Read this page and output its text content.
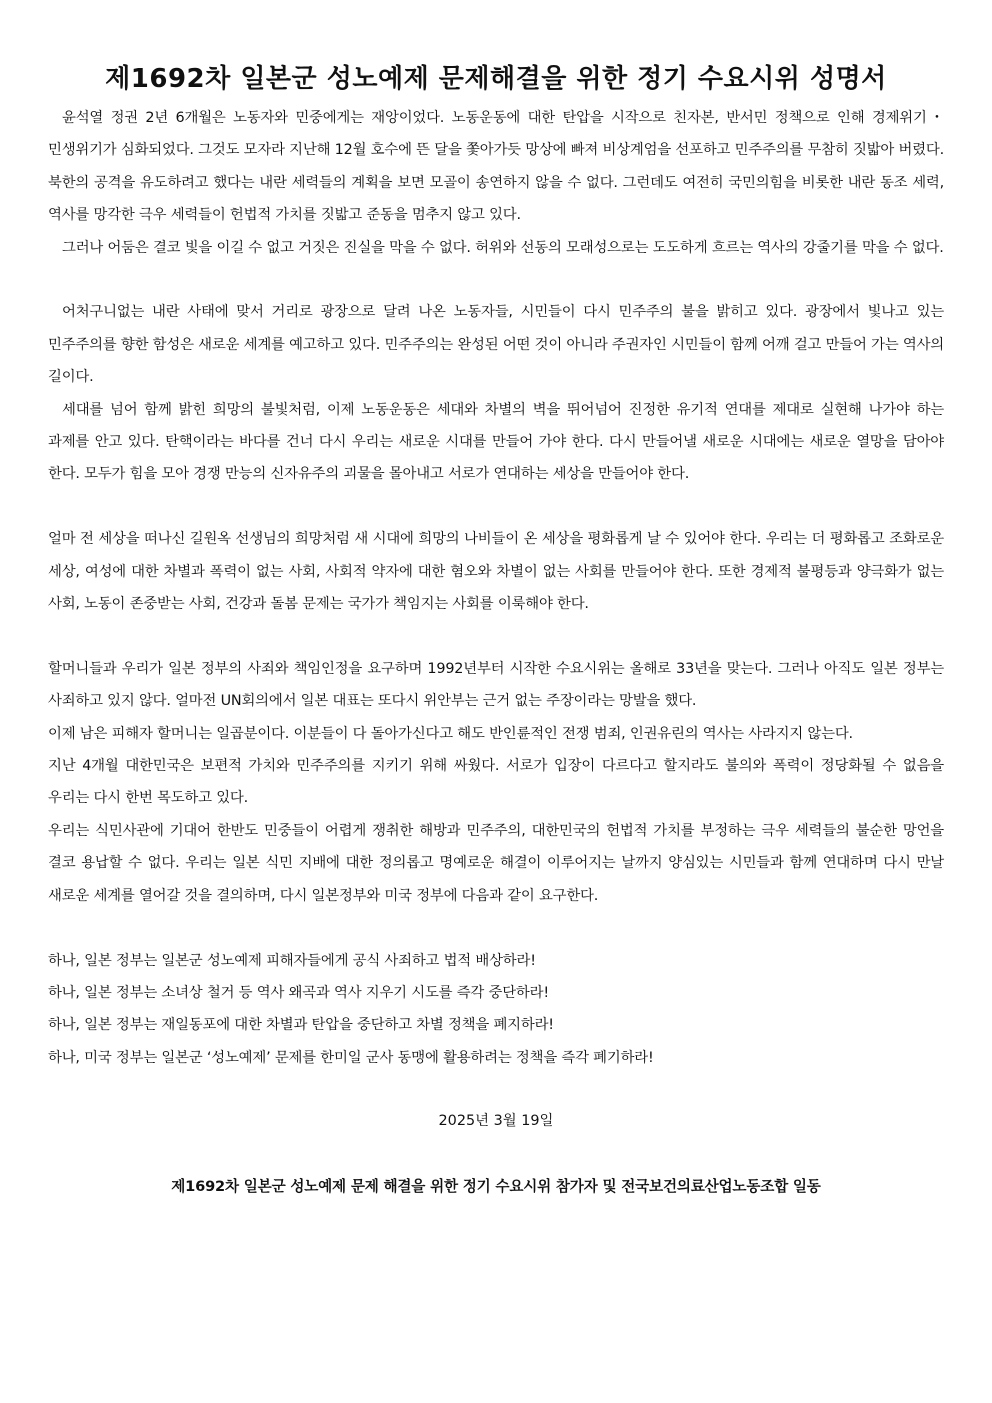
제1692차 일본군 성노예제 문제해결을 위한 정기 수요시위 성명서

윤석열 정권 2년 6개월은 노동자와 민중에게는 재앙이었다. 노동운동에 대한 탄압을 시작으로 친자본, 반서민 정책으로 인해 경제위기・민생위기가 심화되었다. 그것도 모자라 지난해 12월 호수에 뜬 달을 쫓아가듯 망상에 빠져 비상계엄을 선포하고 민주주의를 무참히 짓밟아 버렸다. 북한의 공격을 유도하려고 했다는 내란 세력들의 계획을 보면 모골이 송연하지 않을 수 없다. 그런데도 여전히 국민의힘을 비롯한 내란 동조 세력, 역사를 망각한 극우 세력들이 헌법적 가치를 짓밟고 준동을 멈추지 않고 있다.

그러나 어둠은 결코 빛을 이길 수 없고 거짓은 진실을 막을 수 없다. 허위와 선동의 모래성으로는 도도하게 흐르는 역사의 강줄기를 막을 수 없다.

어처구니없는 내란 사태에 맞서 거리로 광장으로 달려 나온 노동자들, 시민들이 다시 민주주의 불을 밝히고 있다. 광장에서 빛나고 있는 민주주의를 향한 함성은 새로운 세계를 예고하고 있다. 민주주의는 완성된 어떤 것이 아니라 주권자인 시민들이 함께 어깨 걸고 만들어 가는 역사의 길이다.

세대를 넘어 함께 밝힌 희망의 불빛처럼, 이제 노동운동은 세대와 차별의 벽을 뛰어넘어 진정한 유기적 연대를 제대로 실현해 나가야 하는 과제를 안고 있다. 탄핵이라는 바다를 건너 다시 우리는 새로운 시대를 만들어 가야 한다. 다시 만들어낼 새로운 시대에는 새로운 열망을 담아야 한다. 모두가 힘을 모아 경쟁 만능의 신자유주의 괴물을 몰아내고 서로가 연대하는 세상을 만들어야 한다.

얼마 전 세상을 떠나신 길원옥 선생님의 희망처럼 새 시대에 희망의 나비들이 온 세상을 평화롭게 날 수 있어야 한다. 우리는 더 평화롭고 조화로운 세상, 여성에 대한 차별과 폭력이 없는 사회, 사회적 약자에 대한 혐오와 차별이 없는 사회를 만들어야 한다. 또한 경제적 불평등과 양극화가 없는 사회, 노동이 존중받는 사회, 건강과 돌봄 문제는 국가가 책임지는 사회를 이룩해야 한다.

할머니들과 우리가 일본 정부의 사죄와 책임인정을 요구하며 1992년부터 시작한 수요시위는 올해로 33년을 맞는다. 그러나 아직도 일본 정부는 사죄하고 있지 않다. 얼마전 UN회의에서 일본 대표는 또다시 위안부는 근거 없는 주장이라는 망발을 했다.

이제 남은 피해자 할머니는 일곱분이다. 이분들이 다 돌아가신다고 해도 반인륜적인 전쟁 범죄, 인권유린의 역사는 사라지지 않는다.

지난 4개월 대한민국은 보편적 가치와 민주주의를 지키기 위해 싸웠다. 서로가 입장이 다르다고 할지라도 불의와 폭력이 정당화될 수 없음을 우리는 다시 한번 목도하고 있다.

우리는 식민사관에 기대어 한반도 민중들이 어렵게 쟁취한 해방과 민주주의, 대한민국의 헌법적 가치를 부정하는 극우 세력들의 불순한 망언을 결코 용납할 수 없다. 우리는 일본 식민 지배에 대한 정의롭고 명예로운 해결이 이루어지는 날까지 양심있는 시민들과 함께 연대하며 다시 만날 새로운 세계를 열어갈 것을 결의하며, 다시 일본정부와 미국 정부에 다음과 같이 요구한다.

하나, 일본 정부는 일본군 성노예제 피해자들에게 공식 사죄하고 법적 배상하라!

하나, 일본 정부는 소녀상 철거 등 역사 왜곡과 역사 지우기 시도를 즉각 중단하라!

하나, 일본 정부는 재일동포에 대한 차별과 탄압을 중단하고 차별 정책을 폐지하라!

하나, 미국 정부는 일본군 ‘성노예제’ 문제를 한미일 군사 동맹에 활용하려는 정책을 즉각 폐기하라!

2025년 3월 19일
제1692차 일본군 성노예제 문제 해결을 위한 정기 수요시위 참가자 및 전국보건의료산업노동조합 일동
